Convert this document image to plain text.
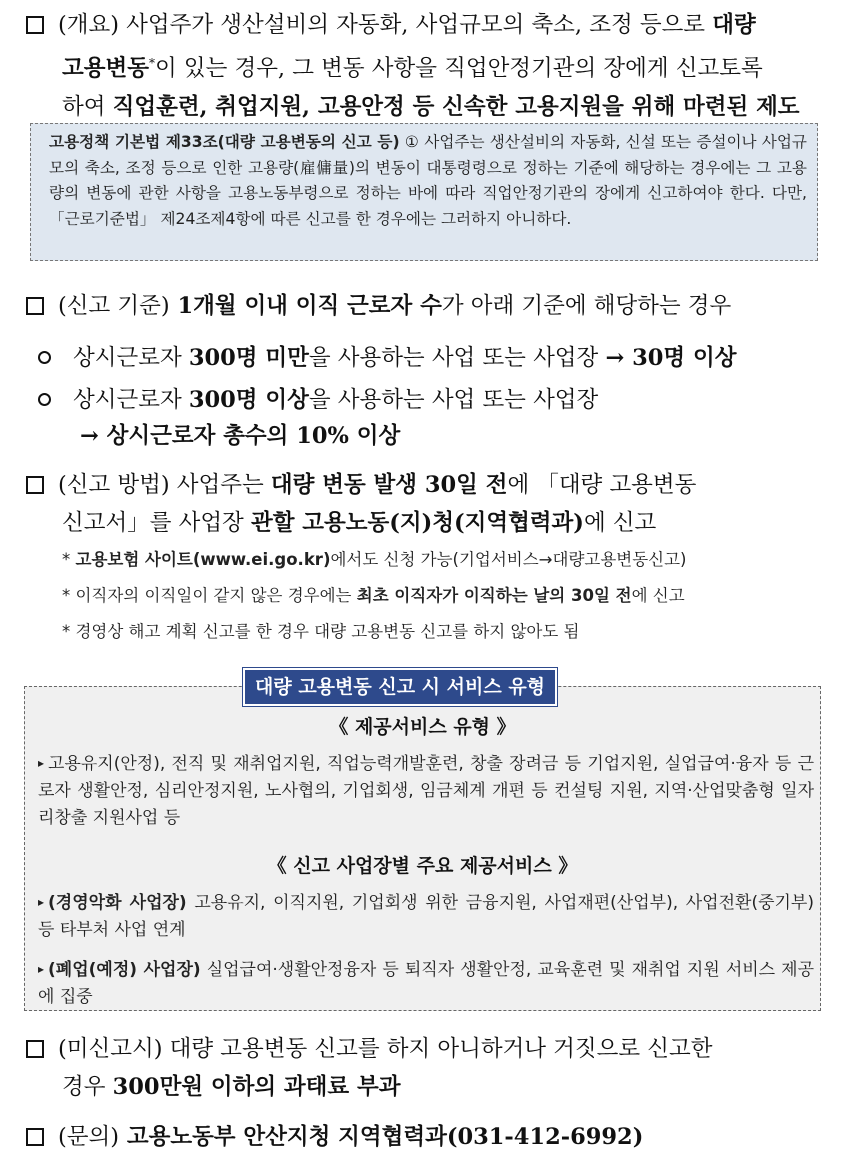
(개요) 사업주가 생산설비의 자동화, 사업규모의 축소, 조정 등으로 대량
고용변동*이 있는 경우, 그 변동 사항을 직업안정기관의 장에게 신고토록
하여 직업훈련, 취업지원, 고용안정 등 신속한 고용지원을 위해 마련된 제도
고용정책 기본법 제33조(대량 고용변동의 신고 등) ① 사업주는 생산설비의 자동화, 신설 또는 증설이나 사업규모의 축소, 조정 등으로 인한 고용량(雇傭量)의 변동이 대통령령으로 정하는 기준에 해당하는 경우에는 그 고용량의 변동에 관한 사항을 고용노동부령으로 정하는 바에 따라 직업안정기관의 장에게 신고하여야 한다. 다만, 「근로기준법」 제24조제4항에 따른 신고를 한 경우에는 그러하지 아니하다.
(신고 기준) 1개월 이내 이직 근로자 수가 아래 기준에 해당하는 경우
상시근로자 300명 미만을 사용하는 사업 또는 사업장 → 30명 이상
상시근로자 300명 이상을 사용하는 사업 또는 사업장
→ 상시근로자 총수의 10% 이상
(신고 방법) 사업주는 대량 변동 발생 30일 전에 「대량 고용변동
신고서」를 사업장 관할 고용노동(지)청(지역협력과)에 신고
* 고용보험 사이트(www.ei.go.kr)에서도 신청 가능(기업서비스→대량고용변동신고)
* 이직자의 이직일이 같지 않은 경우에는 최초 이직자가 이직하는 날의 30일 전에 신고
* 경영상 해고 계획 신고를 한 경우 대량 고용변동 신고를 하지 않아도 됨
대량 고용변동 신고 시 서비스 유형
《 제공서비스 유형 》
▸ 고용유지(안정), 전직 및 재취업지원, 직업능력개발훈련, 창출 장려금 등 기업지원, 실업급여·융자 등 근로자 생활안정, 심리안정지원, 노사협의, 기업회생, 임금체계 개편 등 컨설팅 지원, 지역·산업맞춤형 일자리창출 지원사업 등
《 신고 사업장별 주요 제공서비스 》
▸ (경영악화 사업장) 고용유지, 이직지원, 기업회생 위한 금융지원, 사업재편(산업부), 사업전환(중기부) 등 타부처 사업 연계
▸ (폐업(예정) 사업장) 실업급여·생활안정융자 등 퇴직자 생활안정, 교육훈련 및 재취업 지원 서비스 제공에 집중
(미신고시) 대량 고용변동 신고를 하지 아니하거나 거짓으로 신고한
경우 300만원 이하의 과태료 부과
(문의) 고용노동부 안산지청 지역협력과(031-412-6992)
